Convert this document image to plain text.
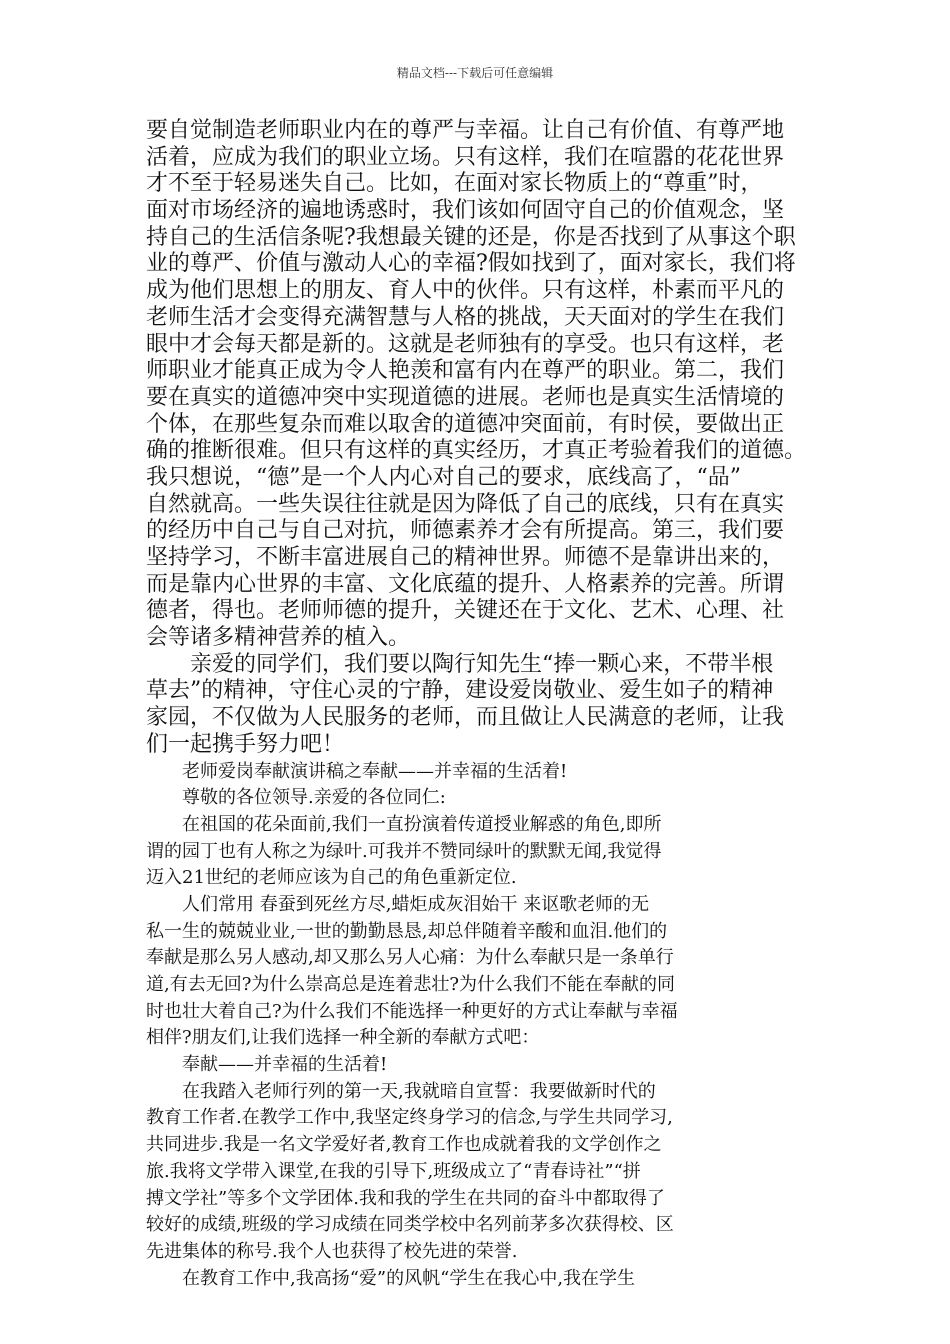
精品文档---下载后可任意编辑
要自觉制造老师职业内在的尊严与幸福。让自己有价值、有尊严地
活着，应成为我们的职业立场。只有这样，我们在喧嚣的花花世界
才不至于轻易迷失自己。比如，在面对家长物质上的“尊重”时，
面对市场经济的遍地诱惑时，我们该如何固守自己的价值观念，坚
持自己的生活信条呢?我想最关键的还是，你是否找到了从事这个职
业的尊严、价值与激动人心的幸福?假如找到了，面对家长，我们将
成为他们思想上的朋友、育人中的伙伴。只有这样，朴素而平凡的
老师生活才会变得充满智慧与人格的挑战，天天面对的学生在我们
眼中才会每天都是新的。这就是老师独有的享受。也只有这样，老
师职业才能真正成为令人艳羡和富有内在尊严的职业。第二，我们
要在真实的道德冲突中实现道德的进展。老师也是真实生活情境的
个体，在那些复杂而难以取舍的道德冲突面前，有时侯，要做出正
确的推断很难。但只有这样的真实经历，才真正考验着我们的道德。
我只想说，“德”是一个人内心对自己的要求，底线高了，“品”
自然就高。一些失误往往就是因为降低了自己的底线，只有在真实
的经历中自己与自己对抗，师德素养才会有所提高。第三，我们要
坚持学习，不断丰富进展自己的精神世界。师德不是靠讲出来的，
而是靠内心世界的丰富、文化底蕴的提升、人格素养的完善。所谓
德者，得也。老师师德的提升，关键还在于文化、艺术、心理、社
会等诸多精神营养的植入。
　　亲爱的同学们，我们要以陶行知先生“捧一颗心来，不带半根
草去”的精神，守住心灵的宁静，建设爱岗敬业、爱生如子的精神
家园，不仅做为人民服务的老师，而且做让人民满意的老师，让我
们一起携手努力吧！
　　老师爱岗奉献演讲稿之奉献——并幸福的生活着!
　　尊敬的各位领导.亲爱的各位同仁:
　　在祖国的花朵面前,我们一直扮演着传道授业解惑的角色,即所
谓的园丁也有人称之为绿叶.可我并不赞同绿叶的默默无闻,我觉得
迈入21世纪的老师应该为自己的角色重新定位.
　　人们常用 春蚕到死丝方尽,蜡炬成灰泪始干 来讴歌老师的无
私一生的兢兢业业,一世的勤勤恳恳,却总伴随着辛酸和血泪.他们的
奉献是那么另人感动,却又那么另人心痛：为什么奉献只是一条单行
道,有去无回?为什么崇高总是连着悲壮?为什么我们不能在奉献的同
时也壮大着自己?为什么我们不能选择一种更好的方式让奉献与幸福
相伴?朋友们,让我们选择一种全新的奉献方式吧：
　　奉献——并幸福的生活着!
　　在我踏入老师行列的第一天,我就暗自宣誓：我要做新时代的
教育工作者.在教学工作中,我坚定终身学习的信念,与学生共同学习,
共同进步.我是一名文学爱好者,教育工作也成就着我的文学创作之
旅.我将文学带入课堂,在我的引导下,班级成立了“青春诗社”“拼
搏文学社”等多个文学团体.我和我的学生在共同的奋斗中都取得了
较好的成绩,班级的学习成绩在同类学校中名列前茅多次获得校、区
先进集体的称号.我个人也获得了校先进的荣誉.
　　在教育工作中,我高扬“爱”的风帆“学生在我心中,我在学生
